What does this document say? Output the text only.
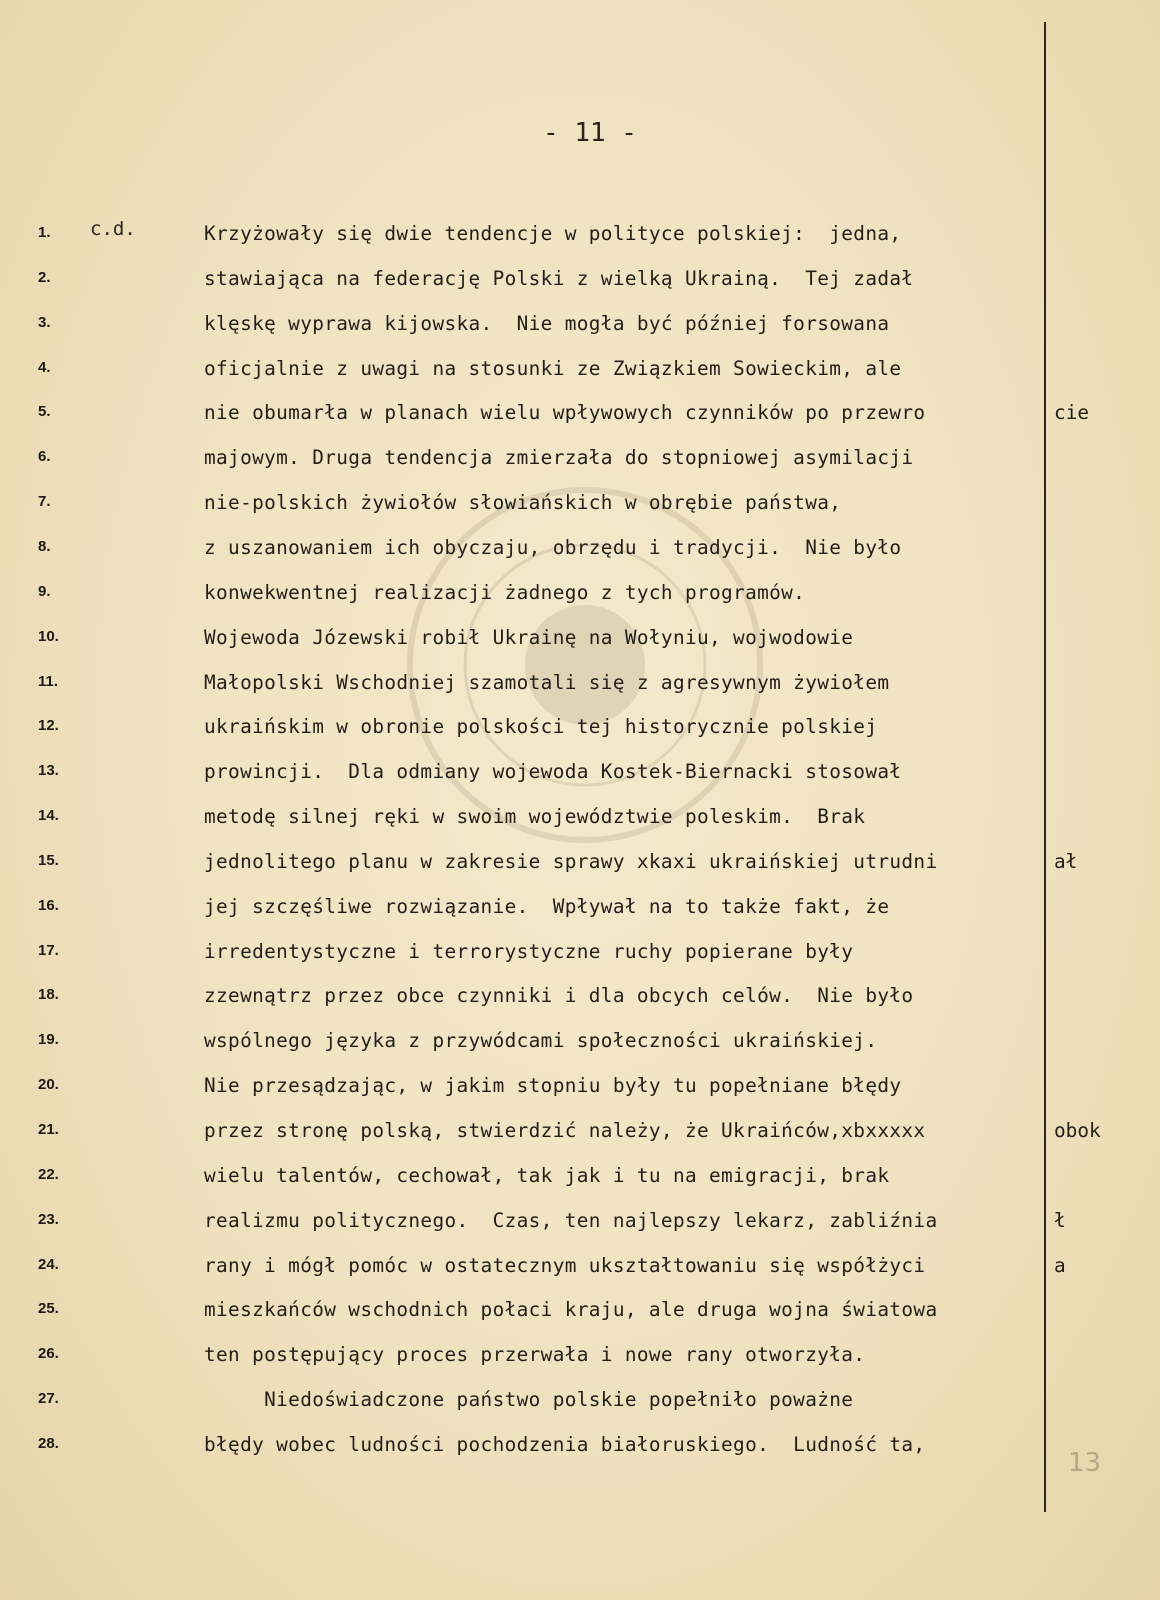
- 11 -
c.d.
1.	Krzyżowały się dwie tendencje w polityce polskiej:  jedna,
2.	stawiająca na federację Polski z wielką Ukrainą.  Tej zadał
3.	klęskę wyprawa kijowska.  Nie mogła być później forsowana
4.	oficjalnie z uwagi na stosunki ze Związkiem Sowieckim, ale
5.	nie obumarła w planach wielu wpływowych czynników po przewro
6.	majowym. Druga tendencja zmierzała do stopniowej asymilacji
7.	nie-polskich żywiołów słowiańskich w obrębie państwa,
8.	z uszanowaniem ich obyczaju, obrzędu i tradycji.  Nie było
9.	konwekwentnej realizacji żadnego z tych programów.
10.	Wojewoda Józewski robił Ukrainę na Wołyniu, wojwodowie
11.	Małopolski Wschodniej szamotali się z agresywnym żywiołem
12.	ukraińskim w obronie polskości tej historycznie polskiej
13.	prowincji.  Dla odmiany wojewoda Kostek-Biernacki stosował
14.	metodę silnej ręki w swoim województwie poleskim.  Brak
15.	jednolitego planu w zakresie sprawy xkaxi ukraińskiej utrudni
16.	jej szczęśliwe rozwiązanie.  Wpływał na to także fakt, że
17.	irredentystyczne i terrorystyczne ruchy popierane były
18.	zzewnątrz przez obce czynniki i dla obcych celów.  Nie było
19.	wspólnego języka z przywódcami społeczności ukraińskiej.
20.	Nie przesądzając, w jakim stopniu były tu popełniane błędy
21.	przez stronę polską, stwierdzić należy, że Ukraińców,xbxxxxx
22.	wielu talentów, cechował, tak jak i tu na emigracji, brak
23.	realizmu politycznego.  Czas, ten najlepszy lekarz, zabliźnia
24.	rany i mógł pomóc w ostatecznym ukształtowaniu się współżyci
25.	mieszkańców wschodnich połaci kraju, ale druga wojna światowa
26.	ten postępujący proces przerwała i nowe rany otworzyła.
27.	Niedoświadczone państwo polskie popełniło poważne
28.	błędy wobec ludności pochodzenia białoruskiego.  Ludność ta,
cie
ał
obok
ł
a
13
